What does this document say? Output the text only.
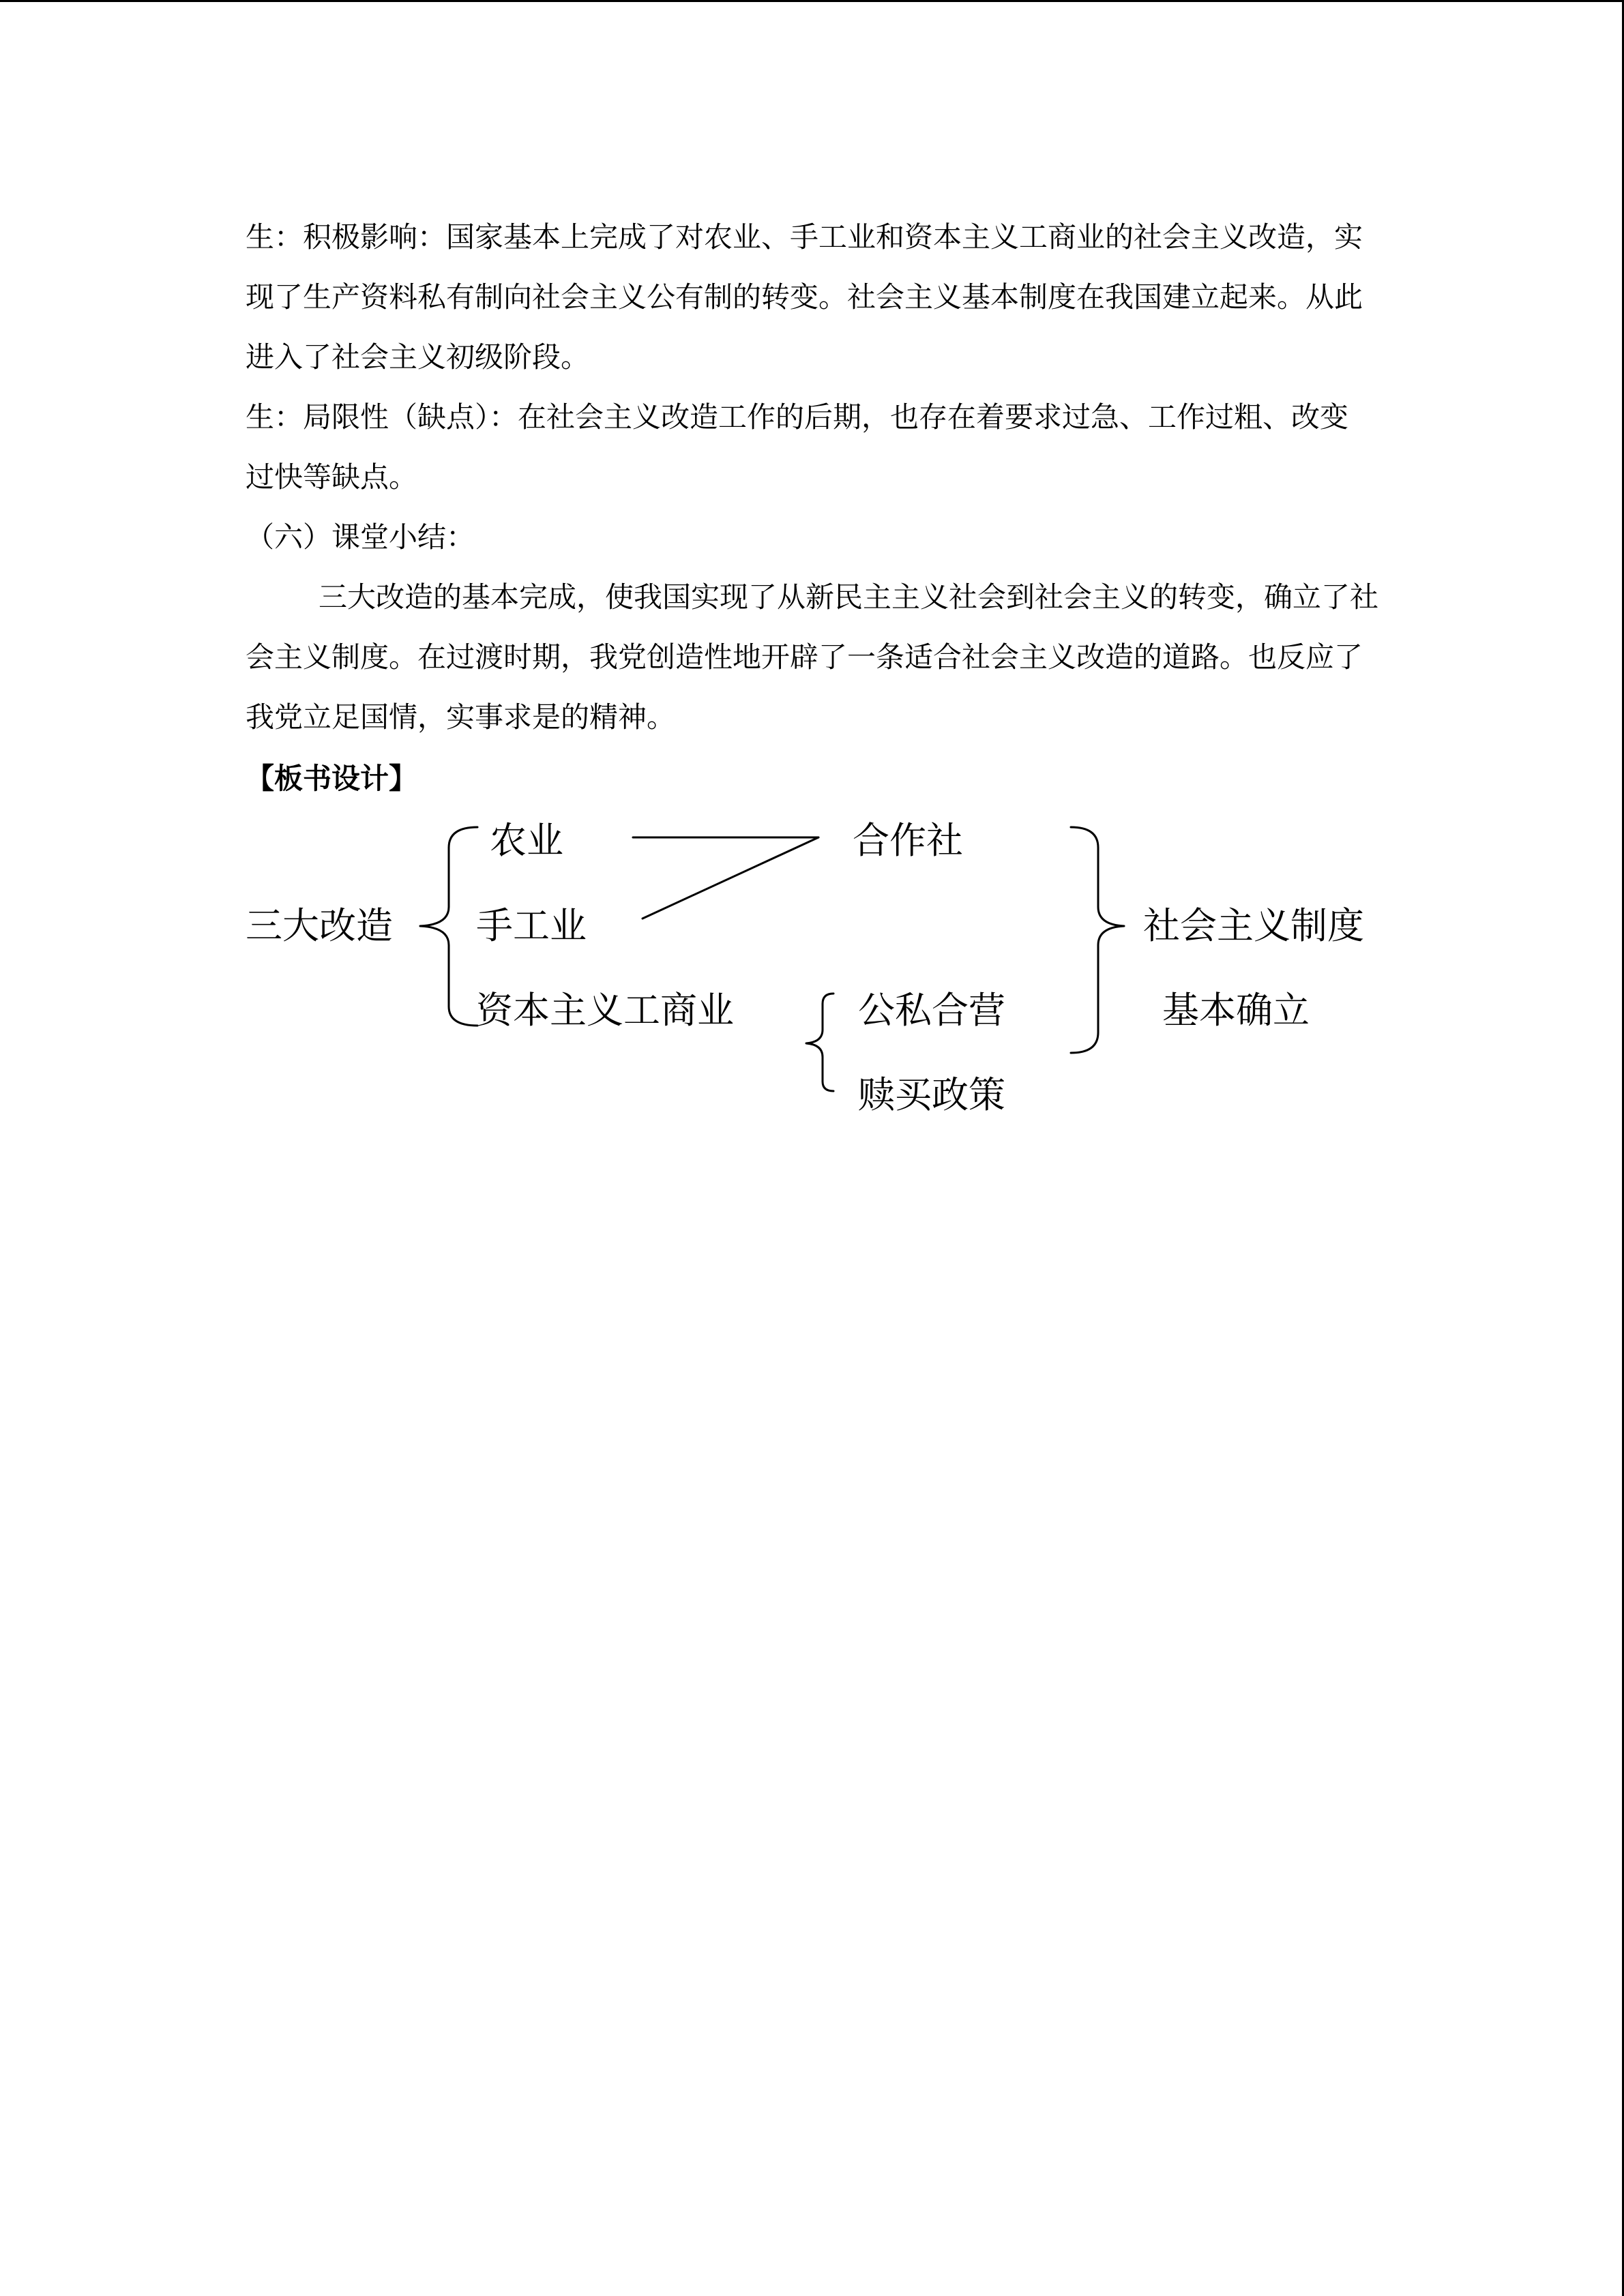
生：积极影响：国家基本上完成了对农业、手工业和资本主义工商业的社会主义改造，实
现了生产资料私有制向社会主义公有制的转变。社会主义基本制度在我国建立起来。从此
进入了社会主义初级阶段。
生：局限性（缺点）：在社会主义改造工作的后期，也存在着要求过急、工作过粗、改变
过快等缺点。
（六）课堂小结：
三大改造的基本完成，使我国实现了从新民主主义社会到社会主义的转变，确立了社
会主义制度。在过渡时期，我党创造性地开辟了一条适合社会主义改造的道路。也反应了
我党立足国情，实事求是的精神。
【板书设计】
三大改造
农业
手工业
资本主义工商业
合作社
公私合营
赎买政策
社会主义制度
基本确立
